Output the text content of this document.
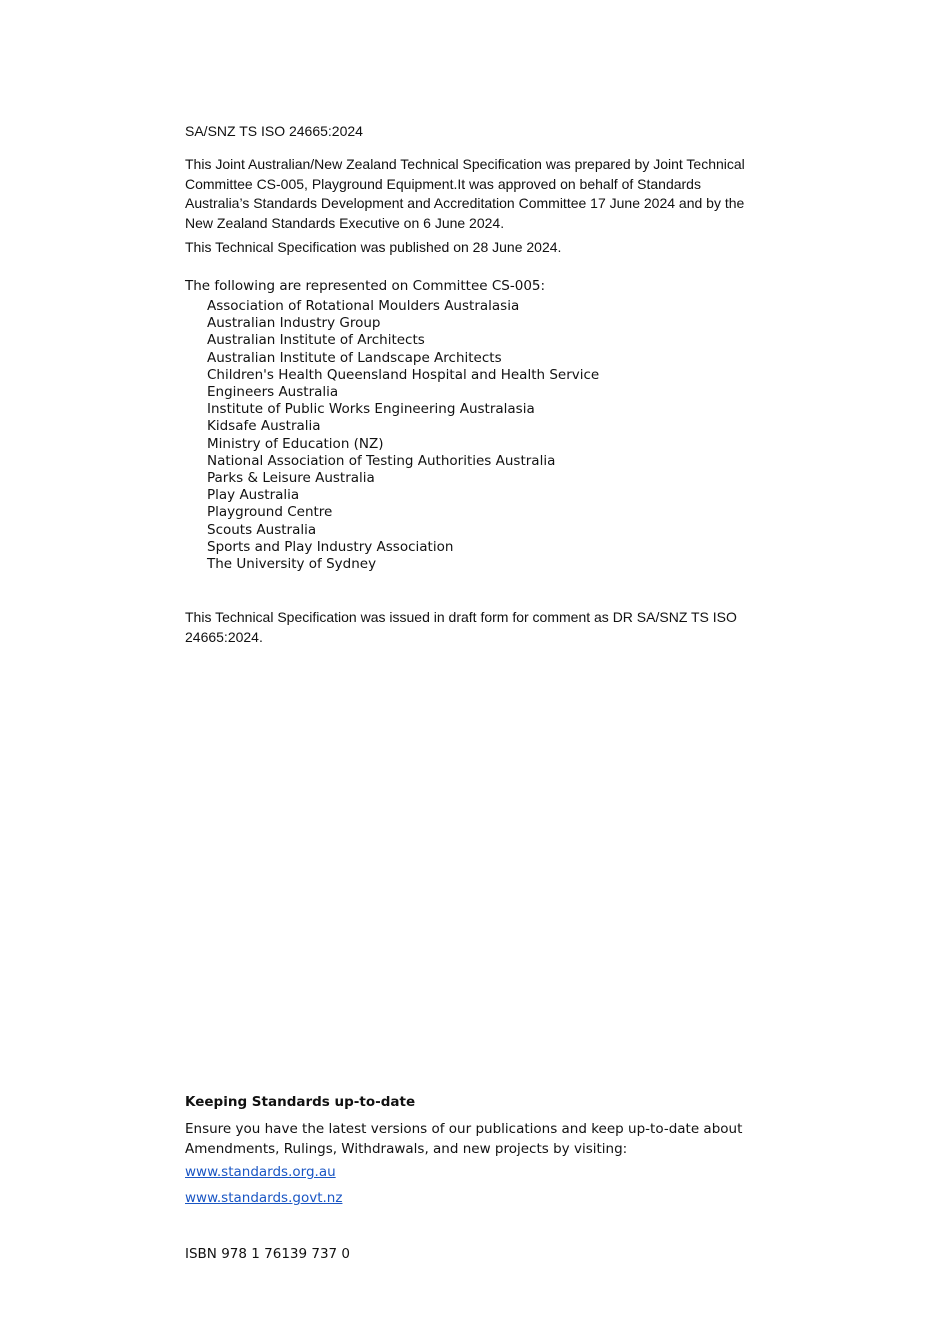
SA/SNZ TS ISO 24665:2024

This Joint Australian/New Zealand Technical Specification was prepared by Joint Technical Committee CS-005, Playground Equipment.It was approved on behalf of Standards Australia’s Standards Development and Accreditation Committee 17 June 2024 and by the New Zealand Standards Executive on 6 June 2024.

This Technical Specification was published on 28 June 2024.

The following are represented on Committee CS-005:

Association of Rotational Moulders Australasia
Australian Industry Group
Australian Institute of Architects
Australian Institute of Landscape Architects
Children's Health Queensland Hospital and Health Service
Engineers Australia
Institute of Public Works Engineering Australasia
Kidsafe Australia
Ministry of Education (NZ)
National Association of Testing Authorities Australia
Parks & Leisure Australia
Play Australia
Playground Centre
Scouts Australia
Sports and Play Industry Association
The University of Sydney

This Technical Specification was issued in draft form for comment as DR SA/SNZ TS ISO 24665:2024.

Keeping Standards up-to-date

Ensure you have the latest versions of our publications and keep up-to-date about Amendments, Rulings, Withdrawals, and new projects by visiting:

www.standards.org.au
www.standards.govt.nz

ISBN 978 1 76139 737 0
